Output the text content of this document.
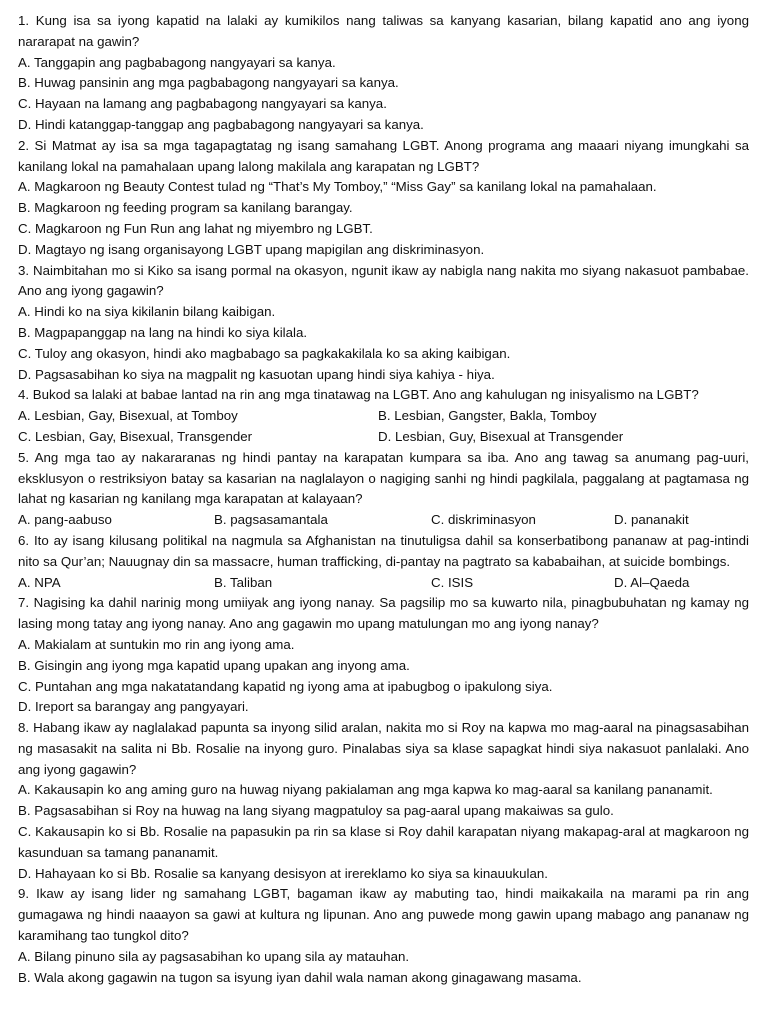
1. Kung isa sa iyong kapatid na lalaki ay kumikilos nang taliwas sa kanyang kasarian, bilang kapatid ano ang iyong nararapat na gawin?
A. Tanggapin ang pagbabagong nangyayari sa kanya.
B. Huwag pansinin ang mga pagbabagong nangyayari sa kanya.
C. Hayaan na lamang ang pagbabagong nangyayari sa kanya.
D. Hindi katanggap-tanggap ang pagbabagong nangyayari sa kanya.
2. Si Matmat ay isa sa mga tagapagtatag ng isang samahang LGBT. Anong programa ang maaari niyang imungkahi sa kanilang lokal na pamahalaan upang lalong makilala ang karapatan ng LGBT?
A. Magkaroon ng Beauty Contest tulad ng “That’s My Tomboy,” “Miss Gay” sa kanilang lokal na pamahalaan.
B. Magkaroon ng feeding program sa kanilang barangay.
C. Magkaroon ng Fun Run ang lahat ng miyembro ng LGBT.
D. Magtayo ng isang organisayong LGBT upang mapigilan ang diskriminasyon.
3. Naimbitahan mo si Kiko sa isang pormal na okasyon, ngunit ikaw ay nabigla nang nakita mo siyang nakasuot pambabae. Ano ang iyong gagawin?
A. Hindi ko na siya kikilanin bilang kaibigan.
B. Magpapanggap na lang na hindi ko siya kilala.
C. Tuloy ang okasyon, hindi ako magbabago sa pagkakakilala ko sa aking kaibigan.
D. Pagsasabihan ko siya na magpalit ng kasuotan upang hindi siya kahiya - hiya.
4. Bukod sa lalaki at babae lantad na rin ang mga tinatawag na LGBT. Ano ang kahulugan ng inisyalismo na LGBT?
A. Lesbian, Gay, Bisexual, at Tomboy	B. Lesbian, Gangster, Bakla, Tomboy
C. Lesbian, Gay, Bisexual, Transgender	D. Lesbian, Guy, Bisexual at Transgender
5. Ang mga tao ay nakararanas ng hindi pantay na karapatan kumpara sa iba. Ano ang tawag sa anumang pag-uuri, eksklusyon o restriksiyon batay sa kasarian na naglalayon o nagiging sanhi ng hindi pagkilala, paggalang at pagtamasa ng lahat ng kasarian ng kanilang mga karapatan at kalayaan?
A. pang-aabuso	B. pagsasamantala	C. diskriminasyon	D. pananakit
6. Ito ay isang kilusang politikal na nagmula sa Afghanistan na tinutuligsa dahil sa konserbatibong pananaw at pag-intindi nito sa Qur’an; Nauugnay din sa massacre, human trafficking, di-pantay na pagtrato sa kababaihan, at suicide bombings.
A. NPA	B. Taliban	C. ISIS	D. Al–Qaeda
7. Nagising ka dahil narinig mong umiiyak ang iyong nanay. Sa pagsilip mo sa kuwarto nila, pinagbubuhatan ng kamay ng lasing mong tatay ang iyong nanay. Ano ang gagawin mo upang matulungan mo ang iyong nanay?
A. Makialam at suntukin mo rin ang iyong ama.
B. Gisingin ang iyong mga kapatid upang upakan ang inyong ama.
C. Puntahan ang mga nakatatandang kapatid ng iyong ama at ipabugbog o ipakulong siya.
D. Ireport sa barangay ang pangyayari.
8. Habang ikaw ay naglalakad papunta sa inyong silid aralan, nakita mo si Roy na kapwa mo mag-aaral na pinagsasabihan ng masasakit na salita ni Bb. Rosalie na inyong guro. Pinalabas siya sa klase sapagkat hindi siya nakasuot panlalaki. Ano ang iyong gagawin?
A. Kakausapin ko ang aming guro na huwag niyang pakialaman ang mga kapwa ko mag-aaral sa kanilang pananamit.
B. Pagsasabihan si Roy na huwag na lang siyang magpatuloy sa pag-aaral upang makaiwas sa gulo.
C. Kakausapin ko si Bb. Rosalie na papasukin pa rin sa klase si Roy dahil karapatan niyang makapag-aral at magkaroon ng kasunduan sa tamang pananamit.
D. Hahayaan ko si Bb. Rosalie sa kanyang desisyon at irereklamo ko siya sa kinauukulan.
9. Ikaw ay isang lider ng samahang LGBT, bagaman ikaw ay mabuting tao, hindi maikakaila na marami pa rin ang gumagawa ng hindi naaayon sa gawi at kultura ng lipunan. Ano ang puwede mong gawin upang mabago ang pananaw ng karamihang tao tungkol dito?
A. Bilang pinuno sila ay pagsasabihan ko upang sila ay matauhan.
B. Wala akong gagawin na tugon sa isyung iyan dahil wala naman akong ginagawang masama.
